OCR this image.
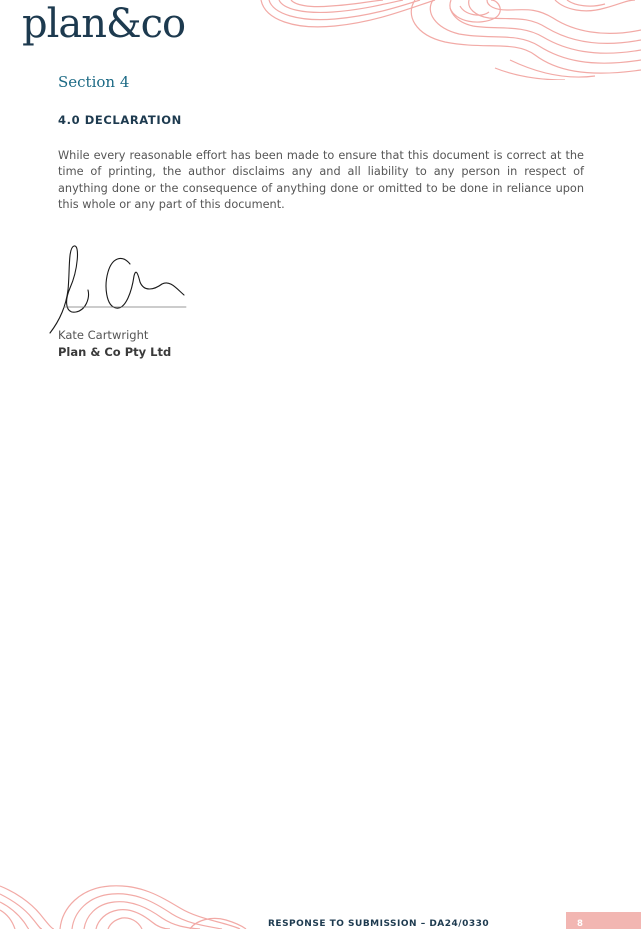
plan&co
Section 4
4.0 DECLARATION

While every reasonable effort has been made to ensure that this document is correct at the time of printing, the author disclaims any and all liability to any person in respect of anything done or the consequence of anything done or omitted to be done in reliance upon this whole or any part of this document.

Kate Cartwright
Plan & Co Pty Ltd
RESPONSE TO SUBMISSION – DA24/0330	8
